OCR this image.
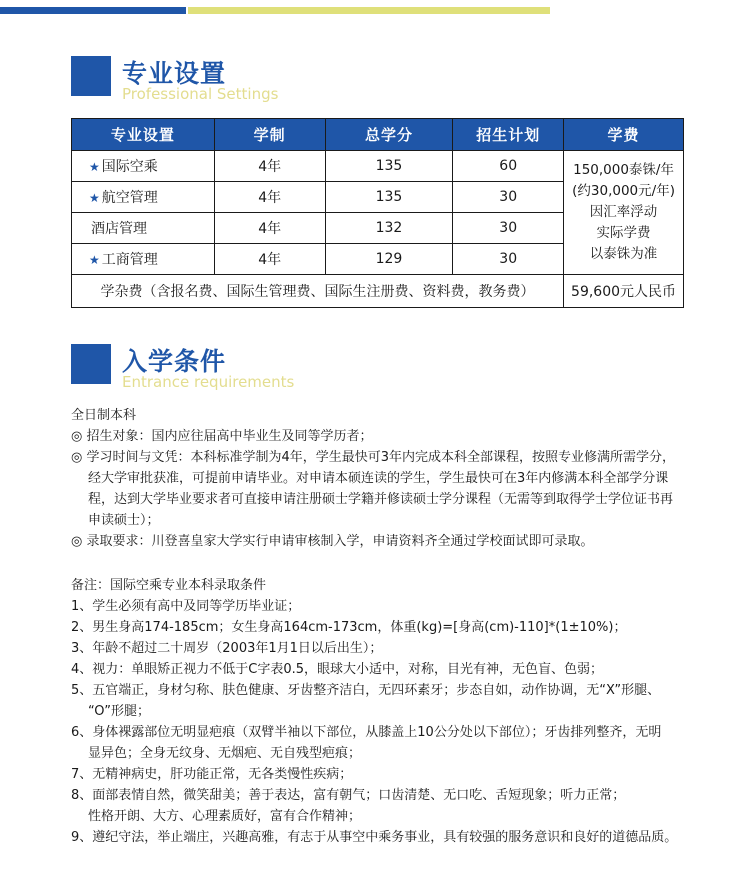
专业设置
Professional Settings
专业设置	学制	总学分	招生计划	学费
★ 国际空乘	4年	135	60	150,000泰铢/年
(约30,000元/年)
因汇率浮动
实际学费
以泰铢为准

★ 航空管理	4年	135	30	
酒店管理	4年	132	30	
★ 工商管理	4年	129	30	
学杂费（含报名费、国际生管理费、国际生注册费、资料费，教务费）				59,600元人民币
入学条件
Entrance requirements

全日制本科

◎ 招生对象：国内应往届高中毕业生及同等学历者；

◎ 学习时间与文凭：本科标准学制为4年，学生最快可3年内完成本科全部课程，按照专业修满所需学分，

经大学审批获准，可提前申请毕业。对申请本硕连读的学生，学生最快可在3年内修满本科全部学分课

程，达到大学毕业要求者可直接申请注册硕士学籍并修读硕士学分课程（无需等到取得学士学位证书再

申读硕士）；

◎ 录取要求：川登喜皇家大学实行申请审核制入学，申请资料齐全通过学校面试即可录取。

备注：国际空乘专业本科录取条件

1、学生必须有高中及同等学历毕业证；

2、男生身高174-185cm；女生身高164cm-173cm，体重(kg)=[身高(cm)-110]*(1±10%)；

3、年龄不超过二十周岁（2003年1月1日以后出生）；

4、视力：单眼矫正视力不低于C字表0.5，眼球大小适中，对称，目光有神，无色盲、色弱；

5、五官端正，身材匀称、肤色健康、牙齿整齐洁白，无四环素牙；步态自如，动作协调，无“X”形腿、

“O”形腿；

6、身体裸露部位无明显疤痕（双臂半袖以下部位，从膝盖上10公分处以下部位）；牙齿排列整齐，无明

显异色；全身无纹身、无烟疤、无自残型疤痕；

7、无精神病史，肝功能正常，无各类慢性疾病；

8、面部表情自然，微笑甜美；善于表达，富有朝气；口齿清楚、无口吃、舌短现象；听力正常；

性格开朗、大方、心理素质好，富有合作精神；

9、遵纪守法，举止端庄，兴趣高雅，有志于从事空中乘务事业，具有较强的服务意识和良好的道德品质。
